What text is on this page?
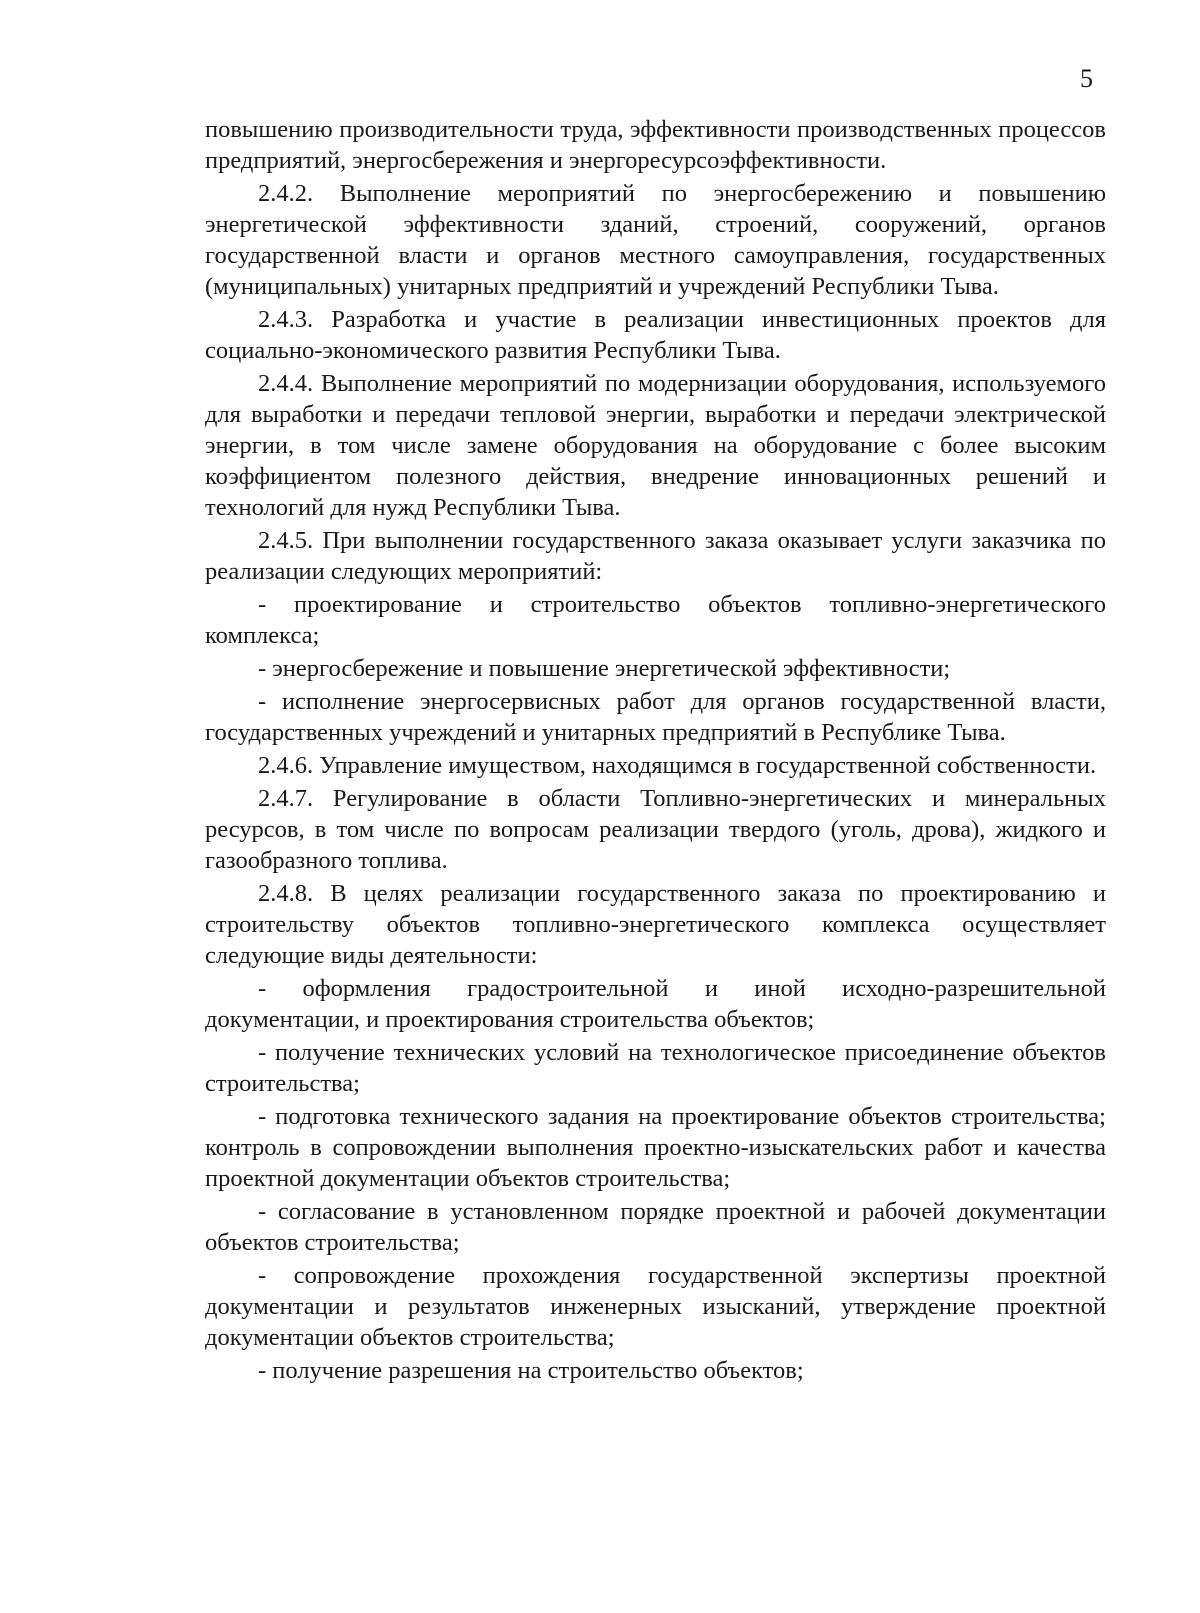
5

повышению производительности труда, эффективности производственных процессов предприятий, энергосбережения и энергоресурсоэффективности.

2.4.2. Выполнение мероприятий по энергосбережению и повышению энергетической эффективности зданий, строений, сооружений, органов государственной власти и органов местного самоуправления, государственных (муниципальных) унитарных предприятий и учреждений Республики Тыва.

2.4.3. Разработка и участие в реализации инвестиционных проектов для социально-экономического развития Республики Тыва.

2.4.4. Выполнение мероприятий по модернизации оборудования, используемого для выработки и передачи тепловой энергии, выработки и передачи электрической энергии, в том числе замене оборудования на оборудование с более высоким коэффициентом полезного действия, внедрение инновационных решений и технологий для нужд Республики Тыва.

2.4.5. При выполнении государственного заказа оказывает услуги заказчика по реализации следующих мероприятий:

- проектирование и строительство объектов топливно-энергетического комплекса;

- энергосбережение и повышение энергетической эффективности;

- исполнение энергосервисных работ для органов государственной власти, государственных учреждений и унитарных предприятий в Республике Тыва.

2.4.6. Управление имуществом, находящимся в государственной собственности.

2.4.7. Регулирование в области Топливно-энергетических и минеральных ресурсов, в том числе по вопросам реализации твердого (уголь, дрова), жидкого и газообразного топлива.

2.4.8. В целях реализации государственного заказа по проектированию и строительству объектов топливно-энергетического комплекса осуществляет следующие виды деятельности:

- оформления градостроительной и иной исходно-разрешительной документации, и проектирования строительства объектов;

- получение технических условий на технологическое присоединение объектов строительства;

- подготовка технического задания на проектирование объектов строительства; контроль в сопровождении выполнения проектно-изыскательских работ и качества проектной документации объектов строительства;

- согласование в установленном порядке проектной и рабочей документации объектов строительства;

- сопровождение прохождения государственной экспертизы проектной документации и результатов инженерных изысканий, утверждение проектной документации объектов строительства;

- получение разрешения на строительство объектов;
